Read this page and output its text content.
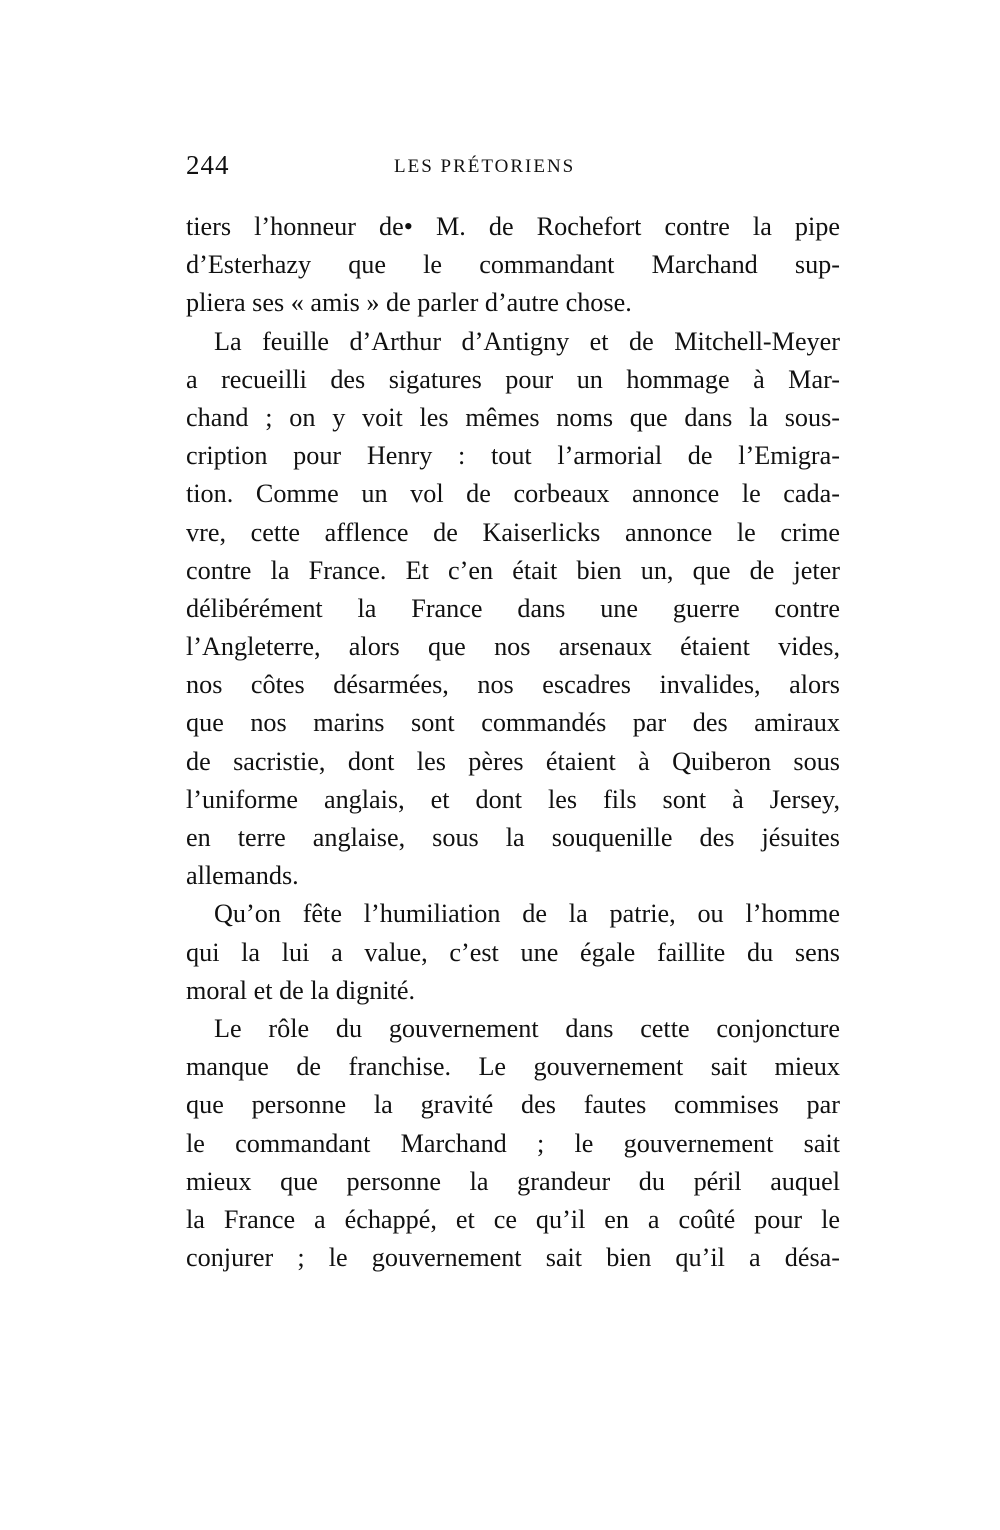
244	LES PRÉTORIENS
tiers l’honneur de• M. de Rochefort contre la pipe
d’Esterhazy que le commandant Marchand sup-
pliera ses « amis » de parler d’autre chose.
La feuille d’Arthur d’Antigny et de Mitchell-Meyer
a recueilli des sigatures pour un hommage à Mar-
chand ; on y voit les mêmes noms que dans la sous-
cription pour Henry : tout l’armorial de l’Emigra-
tion. Comme un vol de corbeaux annonce le cada-
vre, cette afflence de Kaiserlicks annonce le crime
contre la France. Et c’en était bien un, que de jeter
délibérément la France dans une guerre contre
l’Angleterre, alors que nos arsenaux étaient vides,
nos côtes désarmées, nos escadres invalides, alors
que nos marins sont commandés par des amiraux
de sacristie, dont les pères étaient à Quiberon sous
l’uniforme anglais, et dont les fils sont à Jersey,
en terre anglaise, sous la souquenille des jésuites
allemands.
Qu’on fête l’humiliation de la patrie, ou l’homme
qui la lui a value, c’est une égale faillite du sens
moral et de la dignité.
Le rôle du gouvernement dans cette conjoncture
manque de franchise. Le gouvernement sait mieux
que personne la gravité des fautes commises par
le commandant Marchand ; le gouvernement sait
mieux que personne la grandeur du péril auquel
la France a échappé, et ce qu’il en a coûté pour le
conjurer ; le gouvernement sait bien qu’il a désa-
